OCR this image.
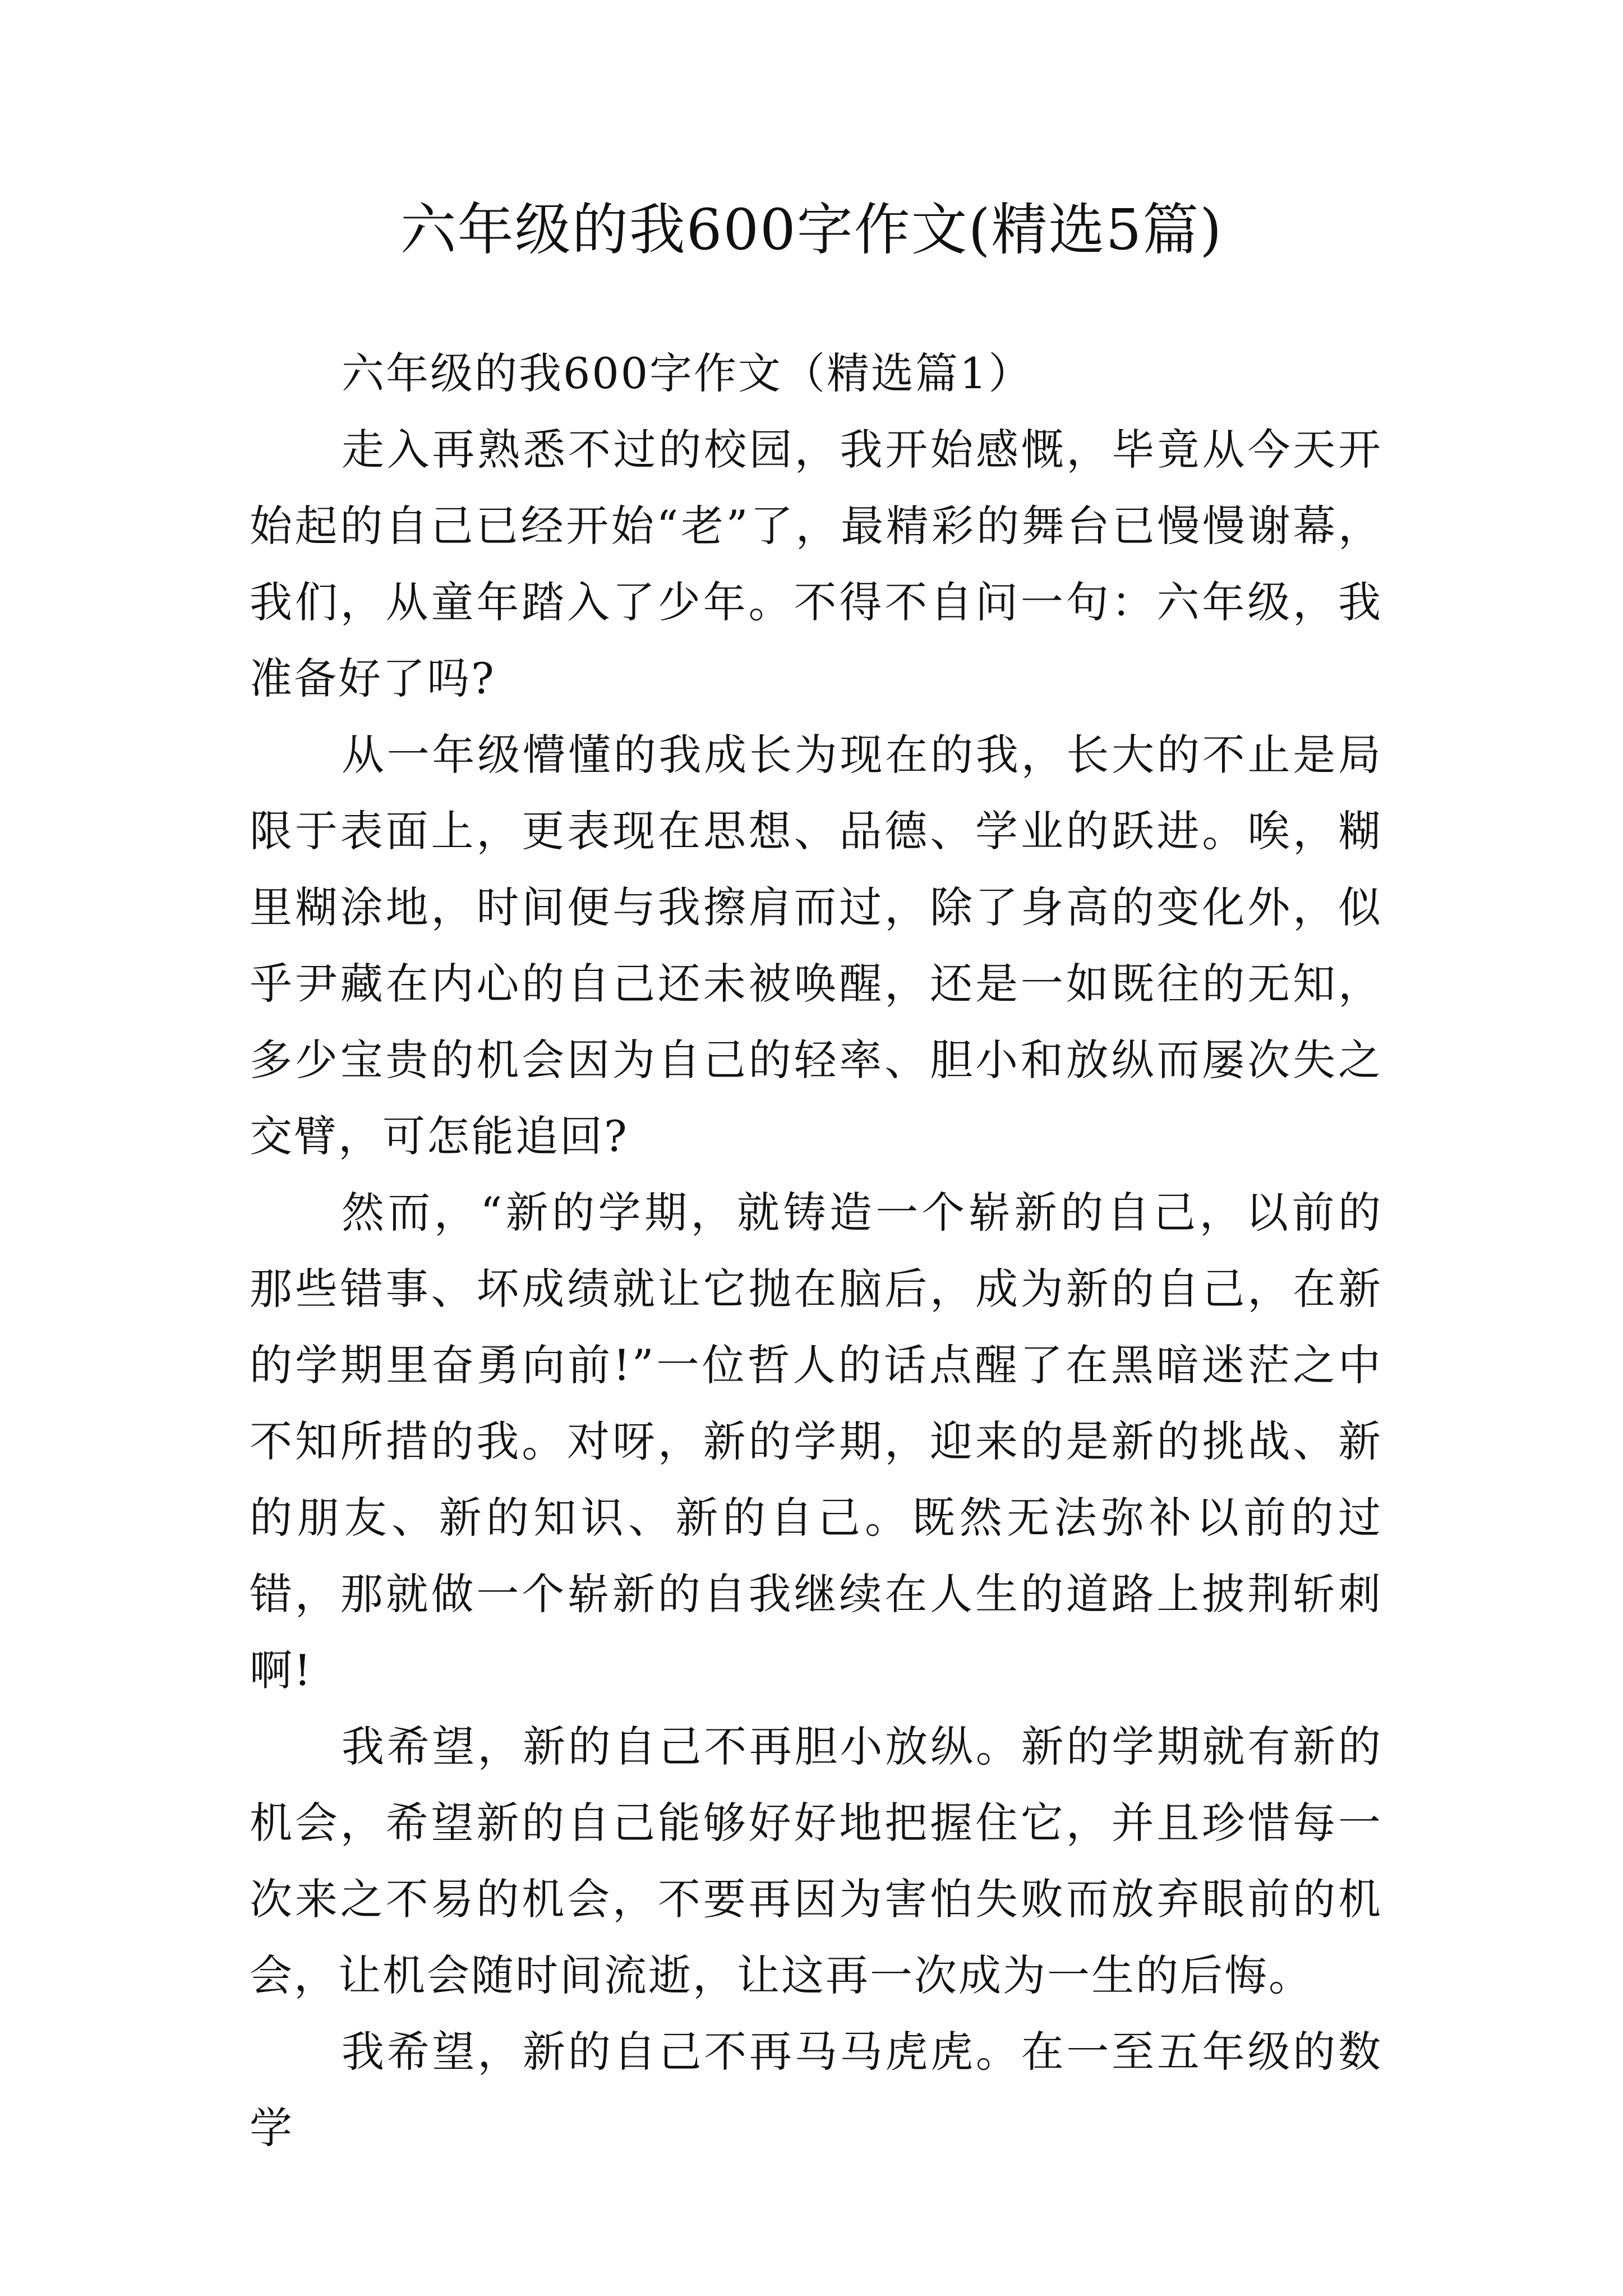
六年级的我600字作文(精选5篇)

六年级的我600字作文（精选篇1）

走入再熟悉不过的校园，我开始感慨，毕竟从今天开始起的自己已经开始“老”了，最精彩的舞台已慢慢谢幕，我们，从童年踏入了少年。不得不自问一句：六年级，我准备好了吗?

从一年级懵懂的我成长为现在的我，长大的不止是局限于表面上，更表现在思想、品德、学业的跃进。唉，糊里糊涂地，时间便与我擦肩而过，除了身高的变化外，似乎尹藏在内心的自己还未被唤醒，还是一如既往的无知，多少宝贵的机会因为自己的轻率、胆小和放纵而屡次失之交臂，可怎能追回?

然而，“新的学期，就铸造一个崭新的自己，以前的那些错事、坏成绩就让它抛在脑后，成为新的自己，在新的学期里奋勇向前!”一位哲人的话点醒了在黑暗迷茫之中不知所措的我。对呀，新的学期，迎来的是新的挑战、新的朋友、新的知识、新的自己。既然无法弥补以前的过错，那就做一个崭新的自我继续在人生的道路上披荆斩刺啊!

我希望，新的自己不再胆小放纵。新的学期就有新的机会，希望新的自己能够好好地把握住它，并且珍惜每一次来之不易的机会，不要再因为害怕失败而放弃眼前的机会，让机会随时间流逝，让这再一次成为一生的后悔。

我希望，新的自己不再马马虎虎。在一至五年级的数学
